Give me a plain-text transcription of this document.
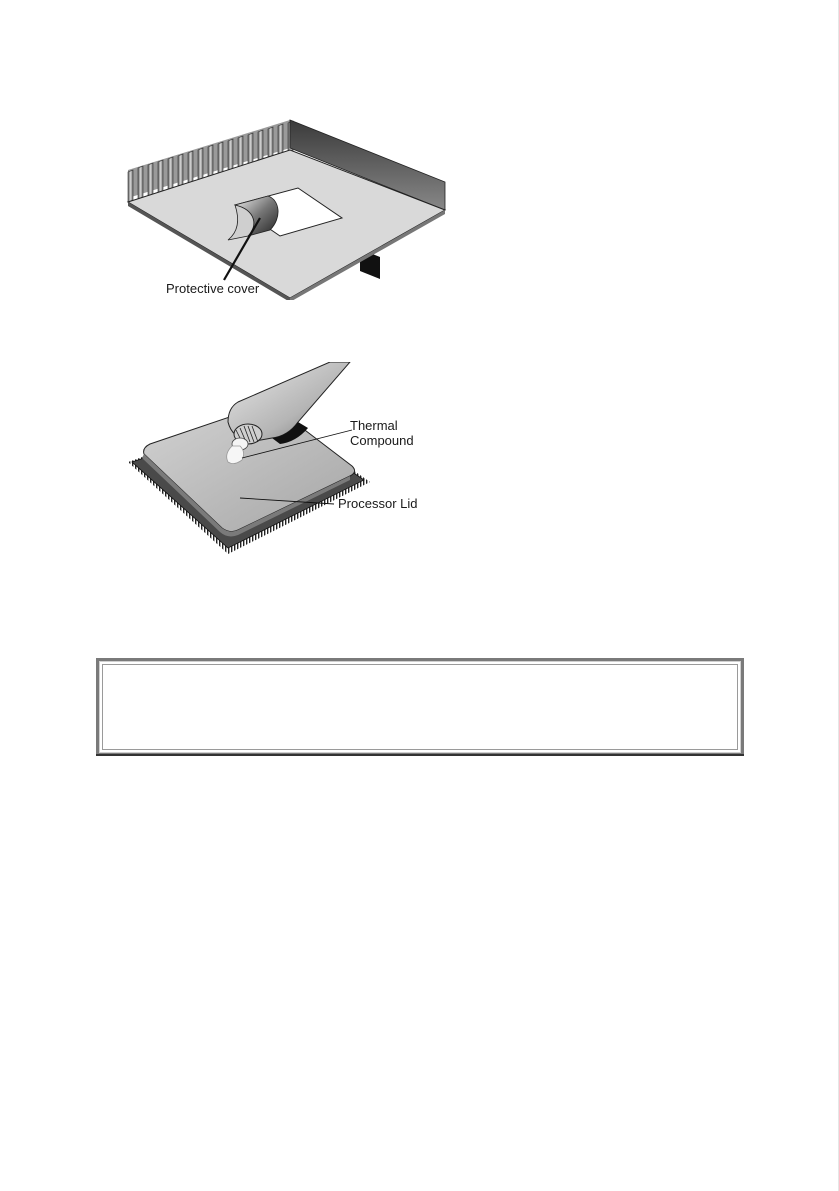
Protective cover
Thermal
Compound
Processor Lid
